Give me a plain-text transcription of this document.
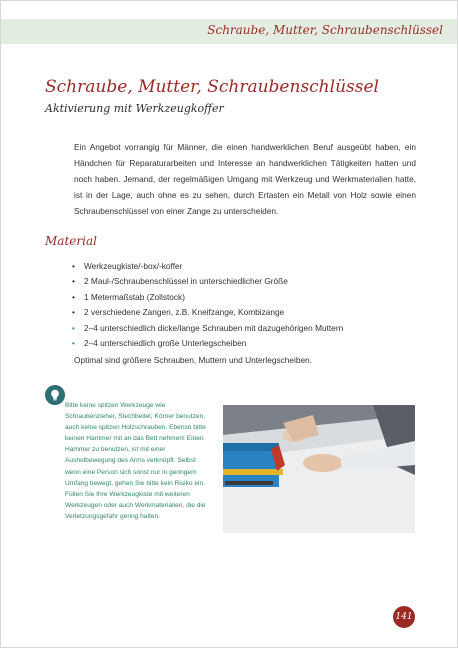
Schraube, Mutter, Schraubenschlüssel
Schraube, Mutter, Schraubenschlüssel
Aktivierung mit Werkzeugkoffer

Ein Angebot vorrangig für Männer, die einen handwerklichen Beruf ausgeübt haben, ein Händchen für Reparaturarbeiten und Interesse an handwerklichen Tätigkeiten hatten und noch haben. Jemand, der regelmäßigen Umgang mit Werkzeug und Werkmaterialien hatte, ist in der Lage, auch ohne es zu sehen, durch Ertasten ein Metall von Holz sowie einen Schraubenschlüssel von einer Zange zu unterscheiden.

Material
• Werkzeugkiste/-box/-koffer
• 2 Maul-/Schraubenschlüssel in unterschiedlicher Größe
• 1 Metermaßstab (Zollstock)
• 2 verschiedene Zangen, z.B. Kneifzange, Kombizange
• 2–4 unterschiedlich dicke/lange Schrauben mit dazugehörigen Muttern
• 2–4 unterschiedlich große Unterlegscheiben

Optimal sind größere Schrauben, Muttern und Unterlegscheiben.

Bitte keine spitzen Werkzeuge wie Schraubenzieher, Stechbeitel, Körner benutzen, auch keine spitzen Holzschrauben. Ebenso bitte keinen Hammer mit an das Bett nehmen! Einen Hammer zu benutzen, ist mit einer Ausholbewegung des Arms verknüpft. Selbst wenn eine Person sich sonst nur in geringem Umfang bewegt, gehen Sie bitte kein Risiko ein. Füllen Sie Ihre Werkzeugkiste mit weiteren Werkzeugen oder auch Werkmaterialien, die die Verletzungsgefahr gering halten.

141
